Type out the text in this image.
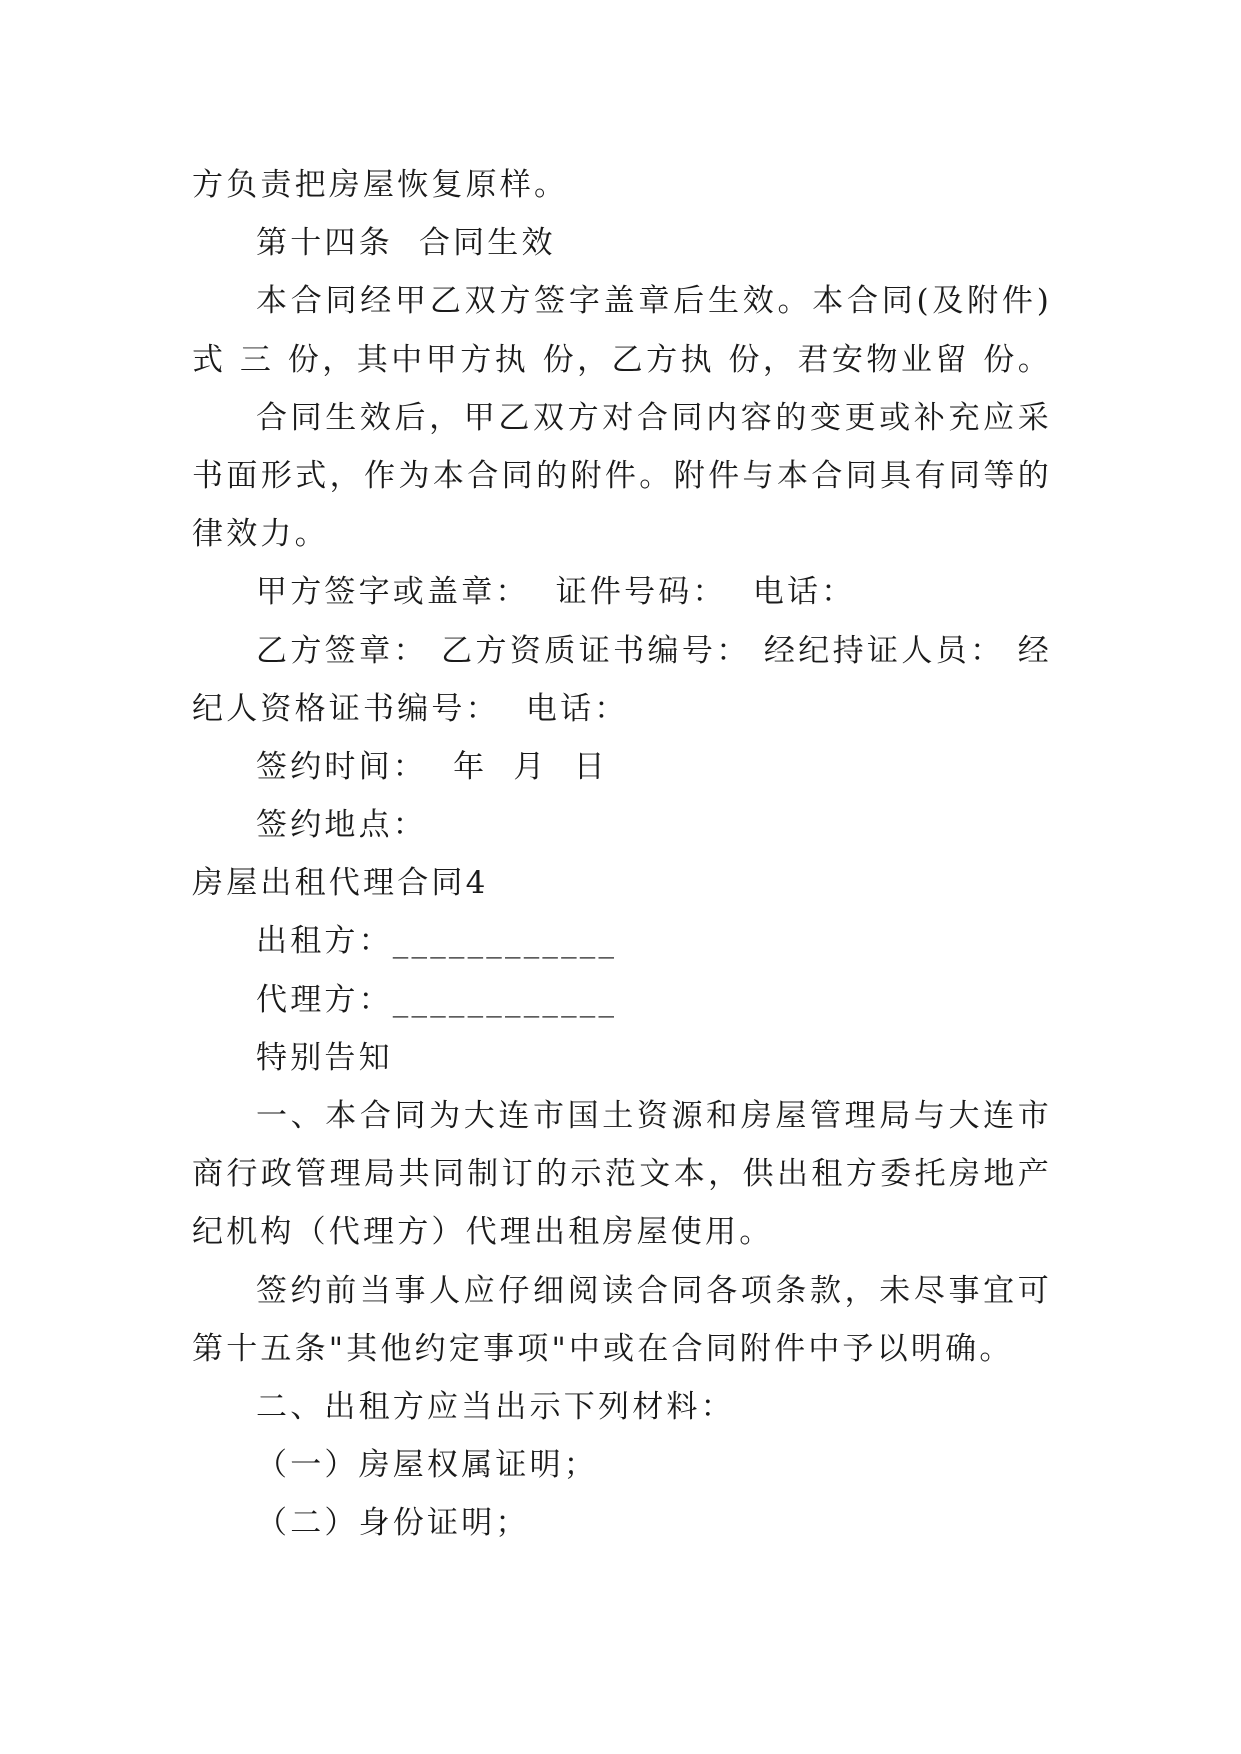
方负责把房屋恢复原样。
第十四条  合同生效
本合同经甲乙双方签字盖章后生效。本合同(及附件)
式 三 份，其中甲方执 份，乙方执 份，君安物业留 份。
合同生效后，甲乙双方对合同内容的变更或补充应采
书面形式，作为本合同的附件。附件与本合同具有同等的
律效力。
甲方签字或盖章：  证件号码：  电话：
乙方签章： 乙方资质证书编号： 经纪持证人员： 经
纪人资格证书编号：  电话：
签约时间：  年  月  日
签约地点：
房屋出租代理合同4
出租方：____________
代理方：____________
特别告知
一、本合同为大连市国土资源和房屋管理局与大连市
商行政管理局共同制订的示范文本，供出租方委托房地产
纪机构（代理方）代理出租房屋使用。
签约前当事人应仔细阅读合同各项条款，未尽事宜可
第十五条"其他约定事项"中或在合同附件中予以明确。
二、出租方应当出示下列材料：
（一）房屋权属证明；
（二）身份证明；
